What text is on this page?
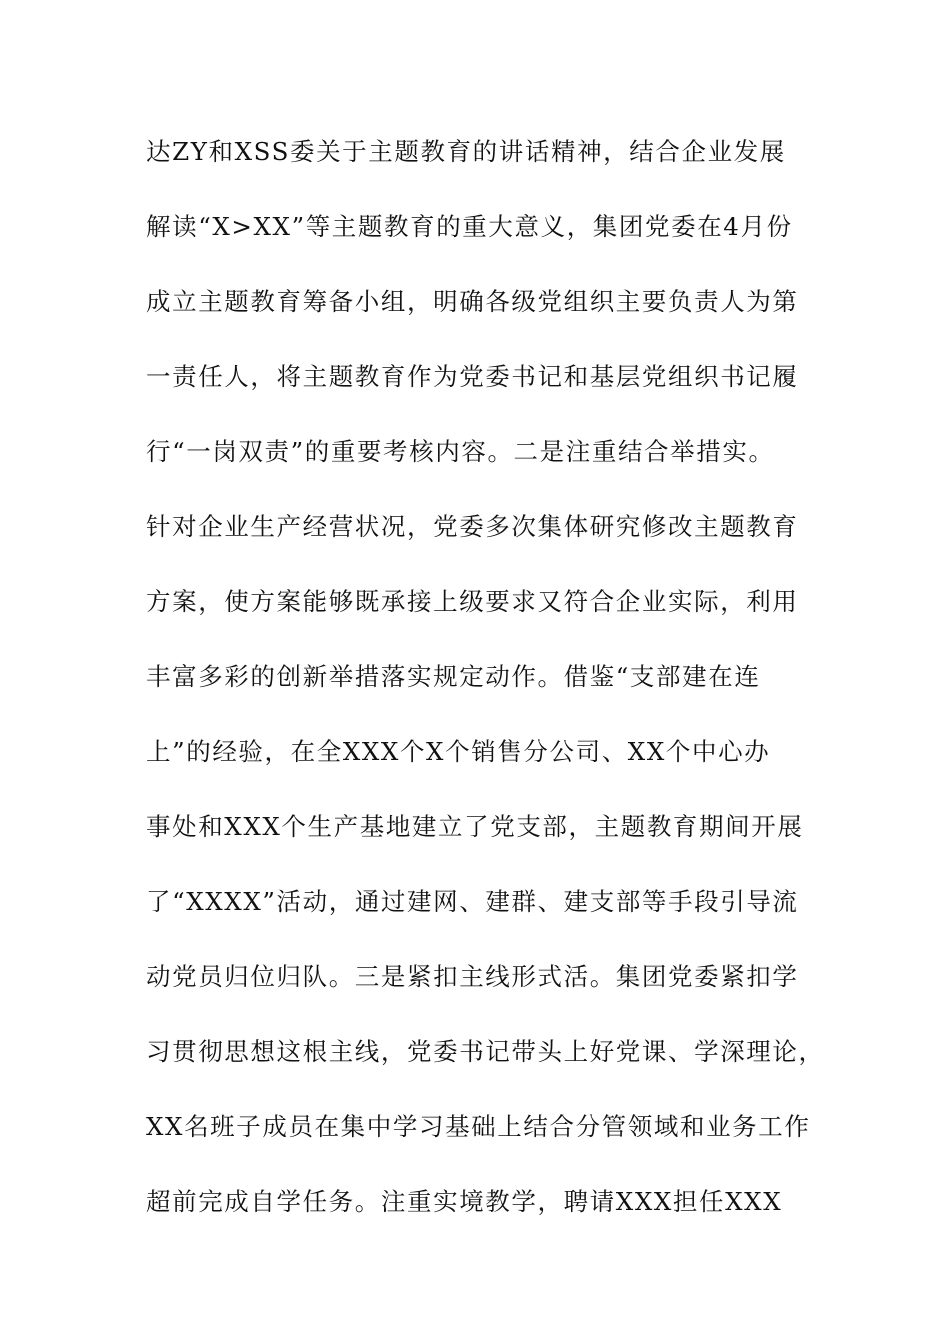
达ZY和XSS委关于主题教育的讲话精神，结合企业发展
解读“X>XX”等主题教育的重大意义，集团党委在4月份
成立主题教育筹备小组，明确各级党组织主要负责人为第
一责任人，将主题教育作为党委书记和基层党组织书记履
行“一岗双责”的重要考核内容。二是注重结合举措实。
针对企业生产经营状况，党委多次集体研究修改主题教育
方案，使方案能够既承接上级要求又符合企业实际，利用
丰富多彩的创新举措落实规定动作。借鉴“支部建在连
上”的经验，在全XXX个X个销售分公司、XX个中心办
事处和XXX个生产基地建立了党支部，主题教育期间开展
了“XXXX”活动，通过建网、建群、建支部等手段引导流
动党员归位归队。三是紧扣主线形式活。集团党委紧扣学
习贯彻思想这根主线，党委书记带头上好党课、学深理论，
XX名班子成员在集中学习基础上结合分管领域和业务工作
超前完成自学任务。注重实境教学，聘请XXX担任XXX
